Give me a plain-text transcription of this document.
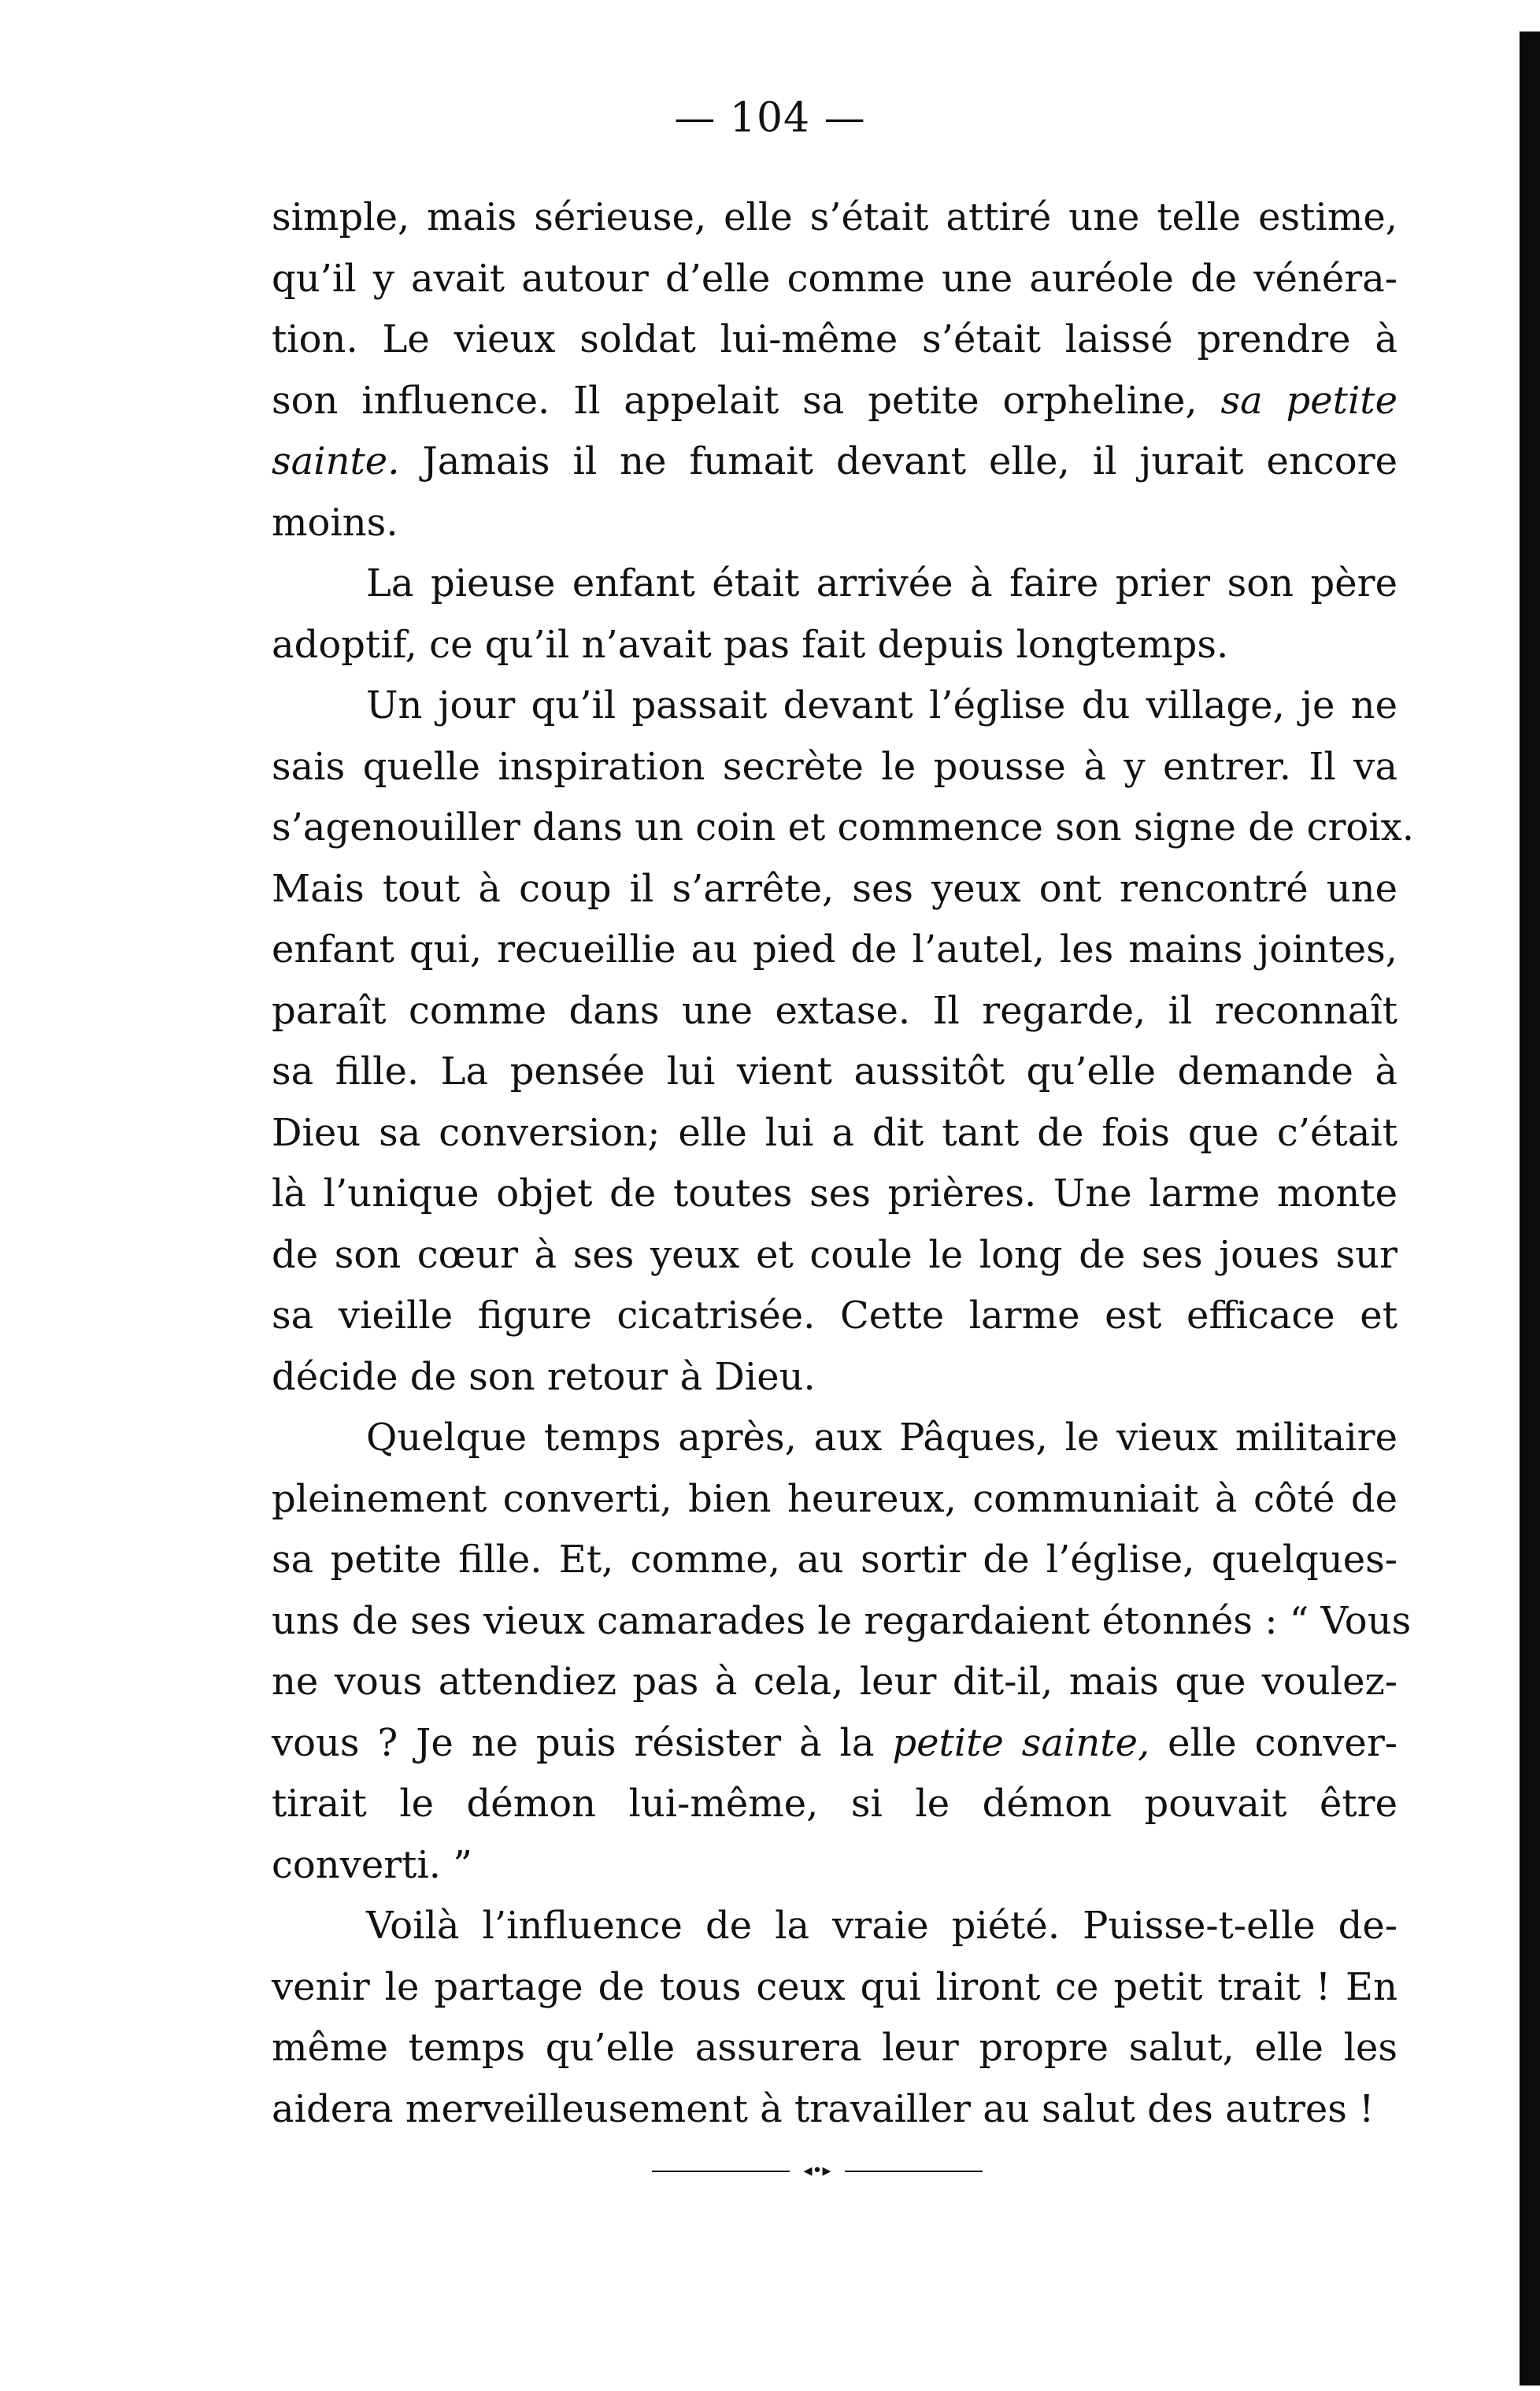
— 104 —
simple, mais sérieuse, elle s’était attiré une telle estime,
qu’il y avait autour d’elle comme une auréole de vénéra-
tion. Le vieux soldat lui-même s’était laissé prendre à
son influence. Il appelait sa petite orpheline, sa petite
sainte. Jamais il ne fumait devant elle, il jurait encore
moins.
La pieuse enfant était arrivée à faire prier son père
adoptif, ce qu’il n’avait pas fait depuis longtemps.
Un jour qu’il passait devant l’église du village, je ne
sais quelle inspiration secrète le pousse à y entrer. Il va
s’agenouiller dans un coin et commence son signe de croix.
Mais tout à coup il s’arrête, ses yeux ont rencontré une
enfant qui, recueillie au pied de l’autel, les mains jointes,
paraît comme dans une extase. Il regarde, il reconnaît
sa fille. La pensée lui vient aussitôt qu’elle demande à
Dieu sa conversion; elle lui a dit tant de fois que c’était
là l’unique objet de toutes ses prières. Une larme monte
de son cœur à ses yeux et coule le long de ses joues sur
sa vieille figure cicatrisée. Cette larme est efficace et
décide de son retour à Dieu.
Quelque temps après, aux Pâques, le vieux militaire
pleinement converti, bien heureux, communiait à côté de
sa petite fille. Et, comme, au sortir de l’église, quelques-
uns de ses vieux camarades le regardaient étonnés : “ Vous
ne vous attendiez pas à cela, leur dit-il, mais que voulez-
vous ? Je ne puis résister à la petite sainte, elle conver-
tirait le démon lui-même, si le démon pouvait être
converti. ”
Voilà l’influence de la vraie piété. Puisse-t-elle de-
venir le partage de tous ceux qui liront ce petit trait ! En
même temps qu’elle assurera leur propre salut, elle les
aidera merveilleusement à travailler au salut des autres !
◂•▸
